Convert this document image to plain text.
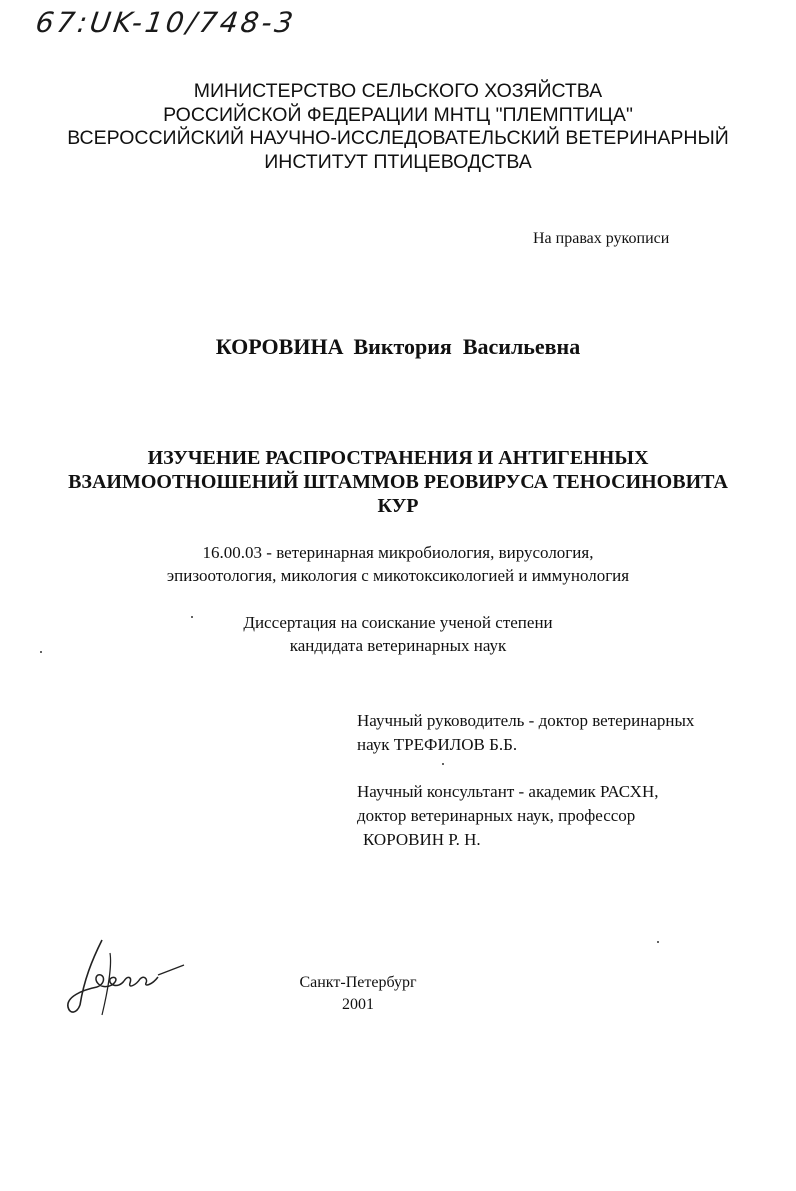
67:UK-10/748-3
МИНИСТЕРСТВО СЕЛЬСКОГО ХОЗЯЙСТВА
РОССИЙСКОЙ ФЕДЕРАЦИИ МНТЦ "ПЛЕМПТИЦА"
ВСЕРОССИЙСКИЙ НАУЧНО-ИССЛЕДОВАТЕЛЬСКИЙ ВЕТЕРИНАРНЫЙ
ИНСТИТУТ ПТИЦЕВОДСТВА
На правах рукописи
КОРОВИНА Виктория  Васильевна
ИЗУЧЕНИЕ РАСПРОСТРАНЕНИЯ И АНТИГЕННЫХ
ВЗАИМООТНОШЕНИЙ ШТАММОВ РЕОВИРУСА ТЕНОСИНОВИТА
КУР
16.00.03 - ветеринарная микробиология, вирусология,
эпизоотология, микология с микотоксикологией и иммунология
Диссертация на соискание ученой степени
кандидата ветеринарных наук
Научный руководитель - доктор ветеринарных
наук ТРЕФИЛОВ Б.Б.
Научный консультант - академик РАСХН,
доктор ветеринарных наук, профессор
КОРОВИН Р. Н.
Санкт-Петербург
2001
